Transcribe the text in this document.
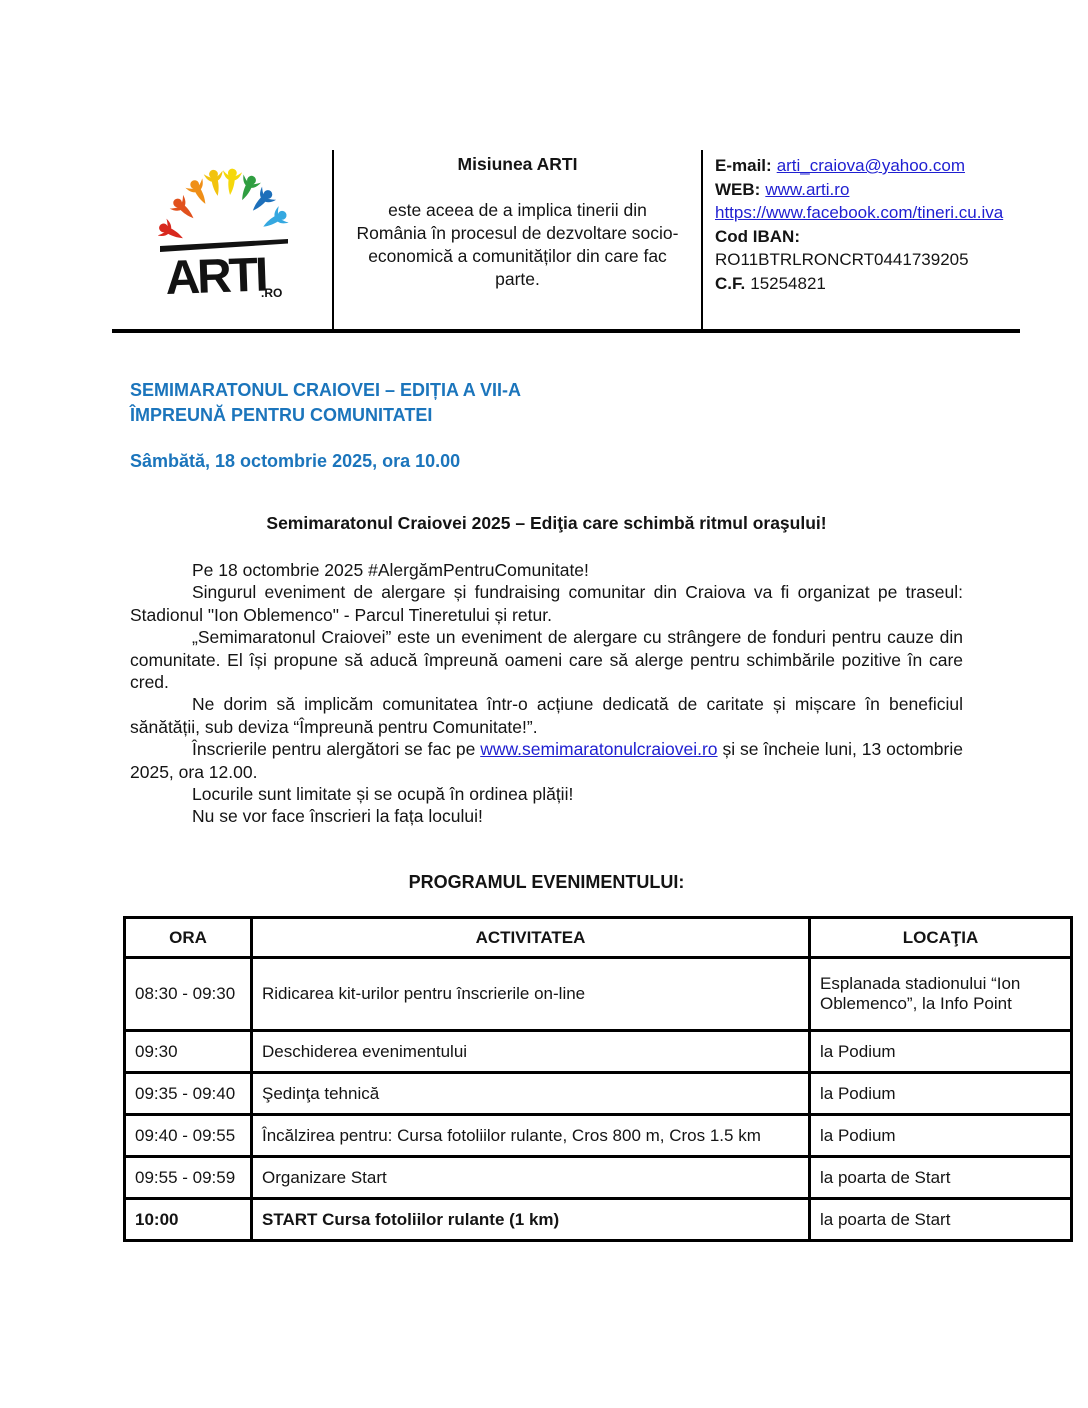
ARTI
.RO
Misiunea ARTI
este aceea de a implica tinerii din România în procesul de dezvoltare socio-economică a comunităților din care fac parte.
E-mail: arti_craiova@yahoo.com
WEB: www.arti.ro
https://www.facebook.com/tineri.cu.iva
Cod IBAN:
RO11BTRLRONCRT0441739205
C.F. 15254821
SEMIMARATONUL CRAIOVEI – EDIȚIA A VII-A
ÎMPREUNĂ PENTRU COMUNITATEI
Sâmbătă, 18 octombrie 2025, ora 10.00
Semimaratonul Craiovei 2025 – Ediţia care schimbă ritmul oraşului!

Pe 18 octombrie 2025 #AlergămPentruComunitate!

Singurul eveniment de alergare și fundraising comunitar din Craiova va fi organizat pe traseul: Stadionul "Ion Oblemenco" - Parcul Tineretului și retur.

„Semimaratonul Craiovei” este un eveniment de alergare cu strângere de fonduri pentru cauze din comunitate. El își propune să aducă împreună oameni care să alerge pentru schimbările pozitive în care cred.

Ne dorim să implicăm comunitatea într-o acțiune dedicată de caritate și mișcare în beneficiul sănătății, sub deviza “Împreună pentru Comunitate!”.

Înscrierile pentru alergători se fac pe www.semimaratonulcraiovei.ro și se încheie luni, 13 octombrie 2025, ora 12.00.

Locurile sunt limitate și se ocupă în ordinea plății!

Nu se vor face înscrieri la fața locului!

PROGRAMUL EVENIMENTULUI:
ORA	ACTIVITATEA	LOCAŢIA
08:30 - 09:30	Ridicarea kit-urilor pentru înscrierile on-line	Esplanada stadionului “Ion Oblemenco”, la Info Point
09:30	Deschiderea evenimentului	la Podium
09:35 - 09:40	Şedinţa tehnică	la Podium
09:40 - 09:55	Încălzirea pentru: Cursa fotoliilor rulante, Cros 800 m, Cros 1.5 km	la Podium
09:55 - 09:59	Organizare Start	la poarta de Start
10:00	START Cursa fotoliilor rulante (1 km)	la poarta de Start
